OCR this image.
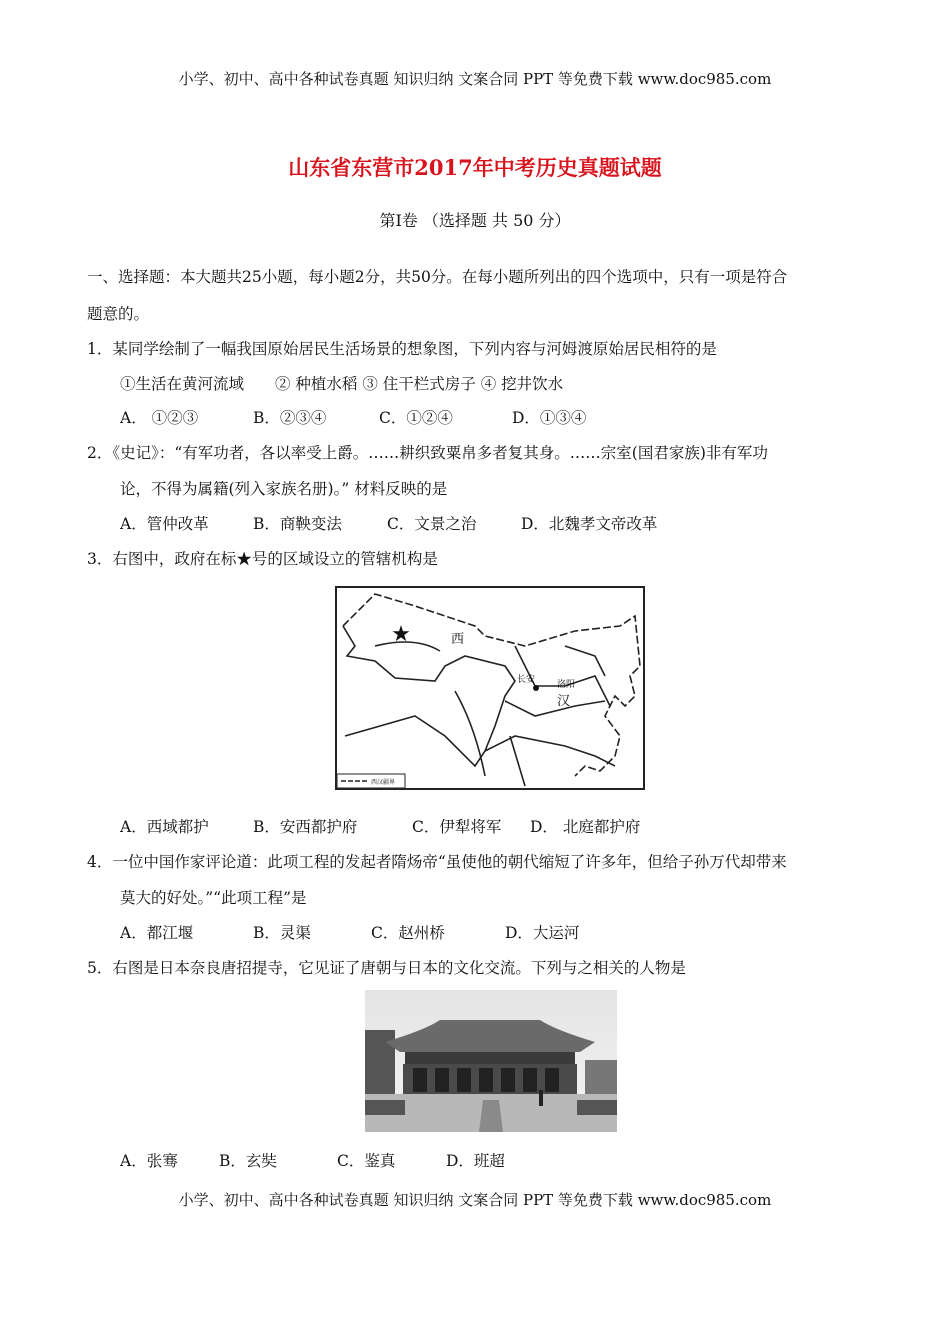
小学、初中、高中各种试卷真题 知识归纳 文案合同 PPT 等免费下载 www.doc985.com
山东省东营市2017年中考历史真题试题
第Ⅰ卷 （选择题 共 50 分）
一、选择题：本大题共25小题，每小题2分，共50分。在每小题所列出的四个选项中，只有一项是符合
题意的。
1．某同学绘制了一幅我国原始居民生活场景的想象图，下列内容与河姆渡原始居民相符的是
①生活在黄河流域　　② 种植水稻 ③ 住干栏式房子 ④ 挖井饮水
A． ①②③	B．②③④	C．①②④	D．①③④
2．《史记》：“有军功者，各以率受上爵。……耕织致粟帛多者复其身。……宗室(国君家族)非有军功
论，不得为属籍(列入家族名册)。” 材料反映的是
A．管仲改革	B．商鞅变法	C．文景之治	D．北魏孝文帝改革
3．右图中，政府在标★号的区域设立的管辖机构是
★	西
汉
长安 洛阳
西汉疆界
A．西域都护	B．安西都护府	C．伊犁将军 D． 北庭都护府
4．一位中国作家评论道：此项工程的发起者隋炀帝“虽使他的朝代缩短了许多年，但给子孙万代却带来
莫大的好处。”“此项工程”是
A．都江堰	B．灵渠	C．赵州桥	D．大运河
5．右图是日本奈良唐招提寺，它见证了唐朝与日本的文化交流。下列与之相关的人物是
A．张骞	B．玄奘	C．鉴真	D．班超
小学、初中、高中各种试卷真题 知识归纳 文案合同 PPT 等免费下载 www.doc985.com
